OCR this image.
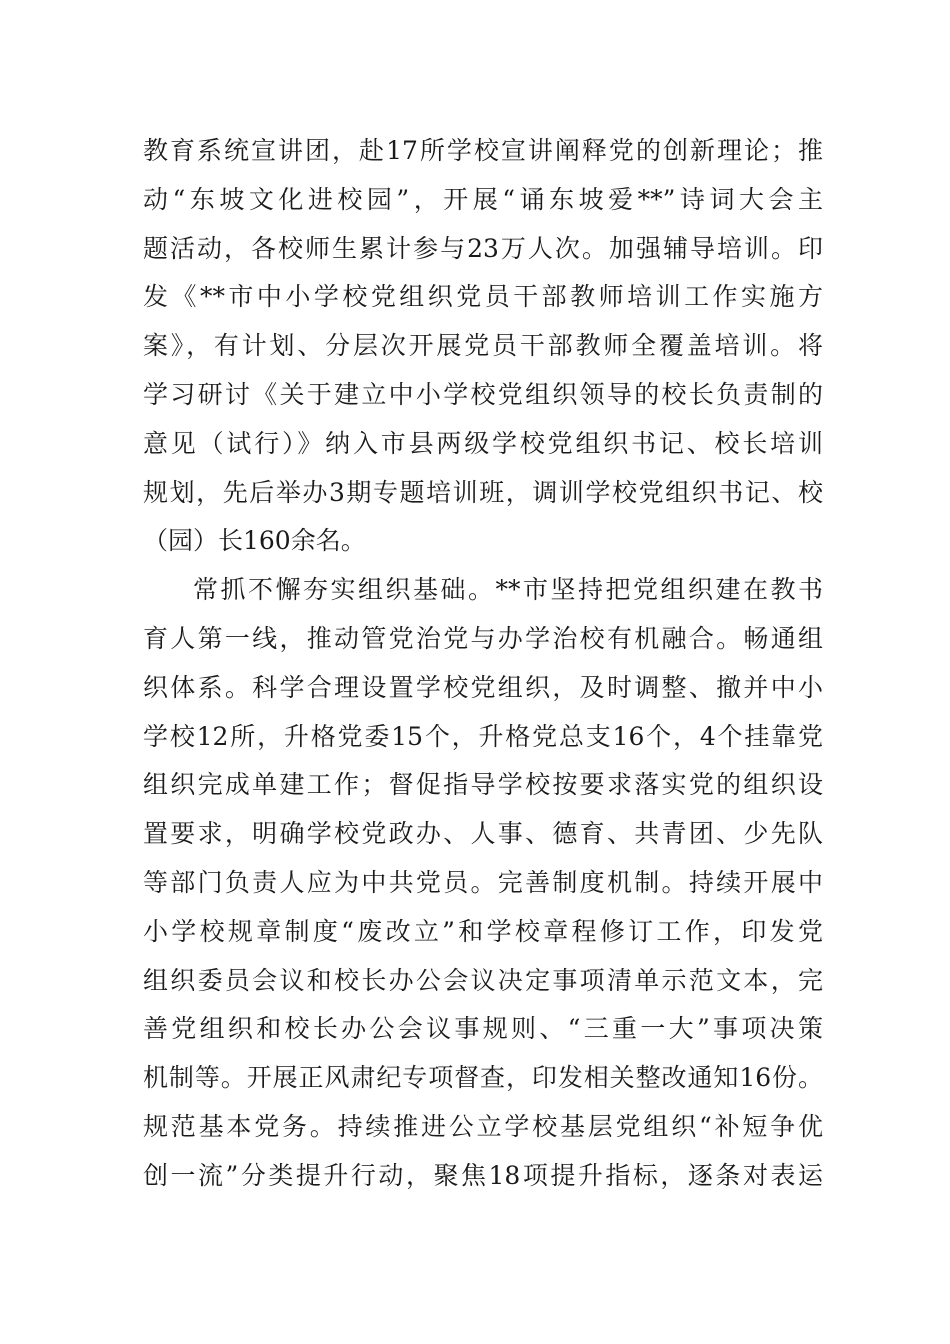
教育系统宣讲团，赴17所学校宣讲阐释党的创新理论；推
动“东坡文化进校园”，开展“诵东坡爱**”诗词大会主
题活动，各校师生累计参与23万人次。加强辅导培训。印
发《**市中小学校党组织党员干部教师培训工作实施方
案》，有计划、分层次开展党员干部教师全覆盖培训。将
学习研讨《关于建立中小学校党组织领导的校长负责制的
意见（试行）》纳入市县两级学校党组织书记、校长培训
规划，先后举办3期专题培训班，调训学校党组织书记、校
（园）长160余名。
常抓不懈夯实组织基础。**市坚持把党组织建在教书
育人第一线，推动管党治党与办学治校有机融合。畅通组
织体系。科学合理设置学校党组织，及时调整、撤并中小
学校12所，升格党委15个，升格党总支16个，4个挂靠党
组织完成单建工作；督促指导学校按要求落实党的组织设
置要求，明确学校党政办、人事、德育、共青团、少先队
等部门负责人应为中共党员。完善制度机制。持续开展中
小学校规章制度“废改立”和学校章程修订工作，印发党
组织委员会议和校长办公会议决定事项清单示范文本，完
善党组织和校长办公会议事规则、“三重一大”事项决策
机制等。开展正风肃纪专项督查，印发相关整改通知16份。
规范基本党务。持续推进公立学校基层党组织“补短争优
创一流”分类提升行动，聚焦18项提升指标，逐条对表运
